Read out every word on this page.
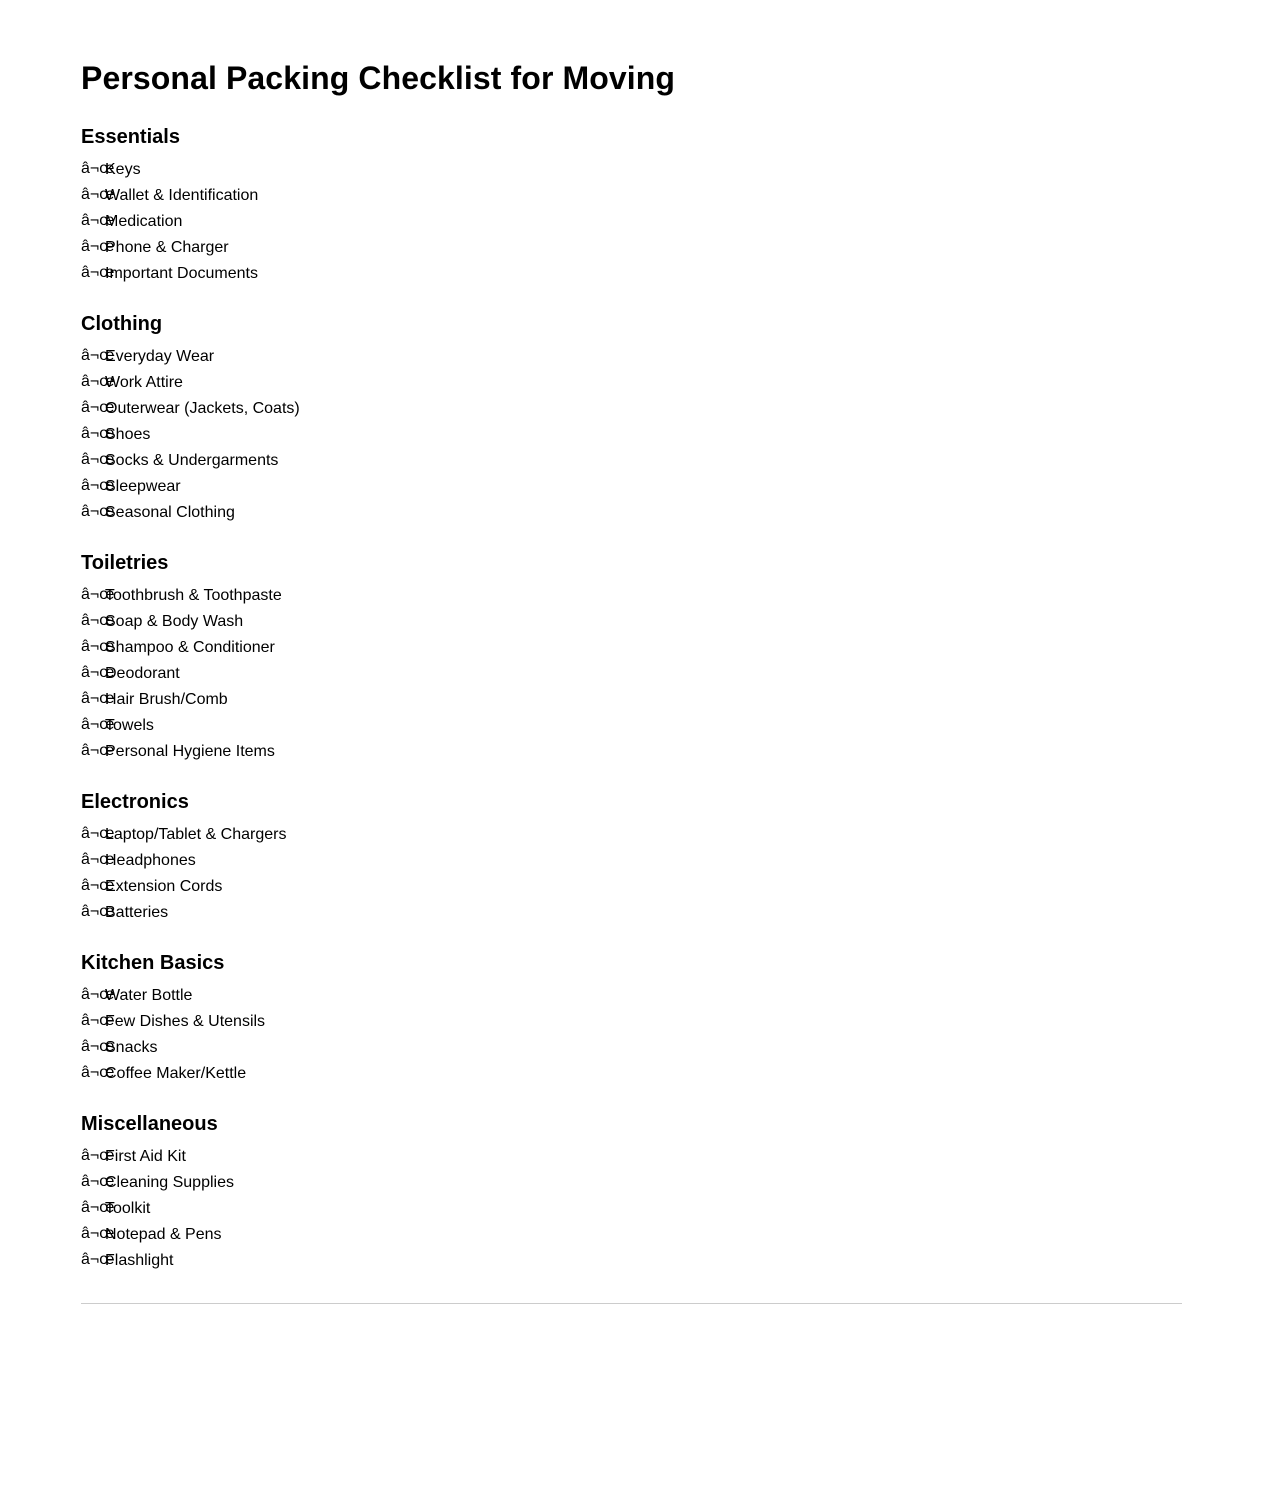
Personal Packing Checklist for Moving
Essentials
â¬œ
Keys
â¬œ
Wallet & Identification
â¬œ
Medication
â¬œ
Phone & Charger
â¬œ
Important Documents
Clothing
â¬œ
Everyday Wear
â¬œ
Work Attire
â¬œ
Outerwear (Jackets, Coats)
â¬œ
Shoes
â¬œ
Socks & Undergarments
â¬œ
Sleepwear
â¬œ
Seasonal Clothing
Toiletries
â¬œ
Toothbrush & Toothpaste
â¬œ
Soap & Body Wash
â¬œ
Shampoo & Conditioner
â¬œ
Deodorant
â¬œ
Hair Brush/Comb
â¬œ
Towels
â¬œ
Personal Hygiene Items
Electronics
â¬œ
Laptop/Tablet & Chargers
â¬œ
Headphones
â¬œ
Extension Cords
â¬œ
Batteries
Kitchen Basics
â¬œ
Water Bottle
â¬œ
Few Dishes & Utensils
â¬œ
Snacks
â¬œ
Coffee Maker/Kettle
Miscellaneous
â¬œ
First Aid Kit
â¬œ
Cleaning Supplies
â¬œ
Toolkit
â¬œ
Notepad & Pens
â¬œ
Flashlight
